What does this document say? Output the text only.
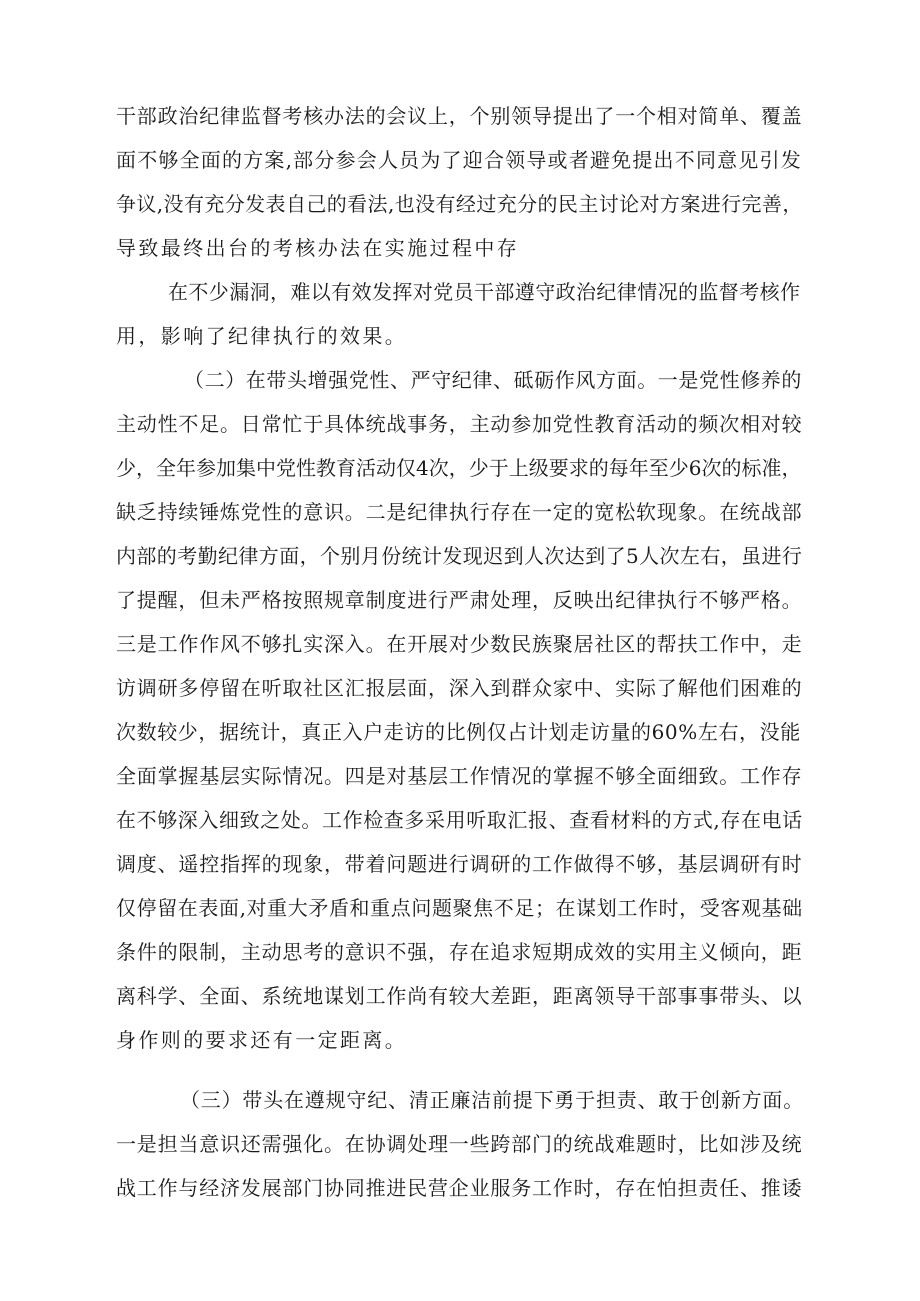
干部政治纪律监督考核办法的会议上，个别领导提出了一个相对简单、覆盖

面不够全面的方案,部分参会人员为了迎合领导或者避免提出不同意见引发

争议,没有充分发表自己的看法,也没有经过充分的民主讨论对方案进行完善，

导致最终出台的考核办法在实施过程中存

在不少漏洞，难以有效发挥对党员干部遵守政治纪律情况的监督考核作

用，影响了纪律执行的效果。

（二）在带头增强党性、严守纪律、砥砺作风方面。一是党性修养的

主动性不足。日常忙于具体统战事务，主动参加党性教育活动的频次相对较

少，全年参加集中党性教育活动仅4次，少于上级要求的每年至少6次的标准，

缺乏持续锤炼党性的意识。二是纪律执行存在一定的宽松软现象。在统战部

内部的考勤纪律方面，个别月份统计发现迟到人次达到了5人次左右，虽进行

了提醒，但未严格按照规章制度进行严肃处理，反映出纪律执行不够严格。

三是工作作风不够扎实深入。在开展对少数民族聚居社区的帮扶工作中，走

访调研多停留在听取社区汇报层面，深入到群众家中、实际了解他们困难的

次数较少，据统计，真正入户走访的比例仅占计划走访量的60%左右，没能

全面掌握基层实际情况。四是对基层工作情况的掌握不够全面细致。工作存

在不够深入细致之处。工作检查多采用听取汇报、查看材料的方式,存在电话

调度、遥控指挥的现象，带着问题进行调研的工作做得不够，基层调研有时

仅停留在表面,对重大矛盾和重点问题聚焦不足；在谋划工作时，受客观基础

条件的限制，主动思考的意识不强，存在追求短期成效的实用主义倾向，距

离科学、全面、系统地谋划工作尚有较大差距，距离领导干部事事带头、以

身作则的要求还有一定距离。

（三）带头在遵规守纪、清正廉洁前提下勇于担责、敢于创新方面。

一是担当意识还需强化。在协调处理一些跨部门的统战难题时，比如涉及统

战工作与经济发展部门协同推进民营企业服务工作时，存在怕担责任、推诿
